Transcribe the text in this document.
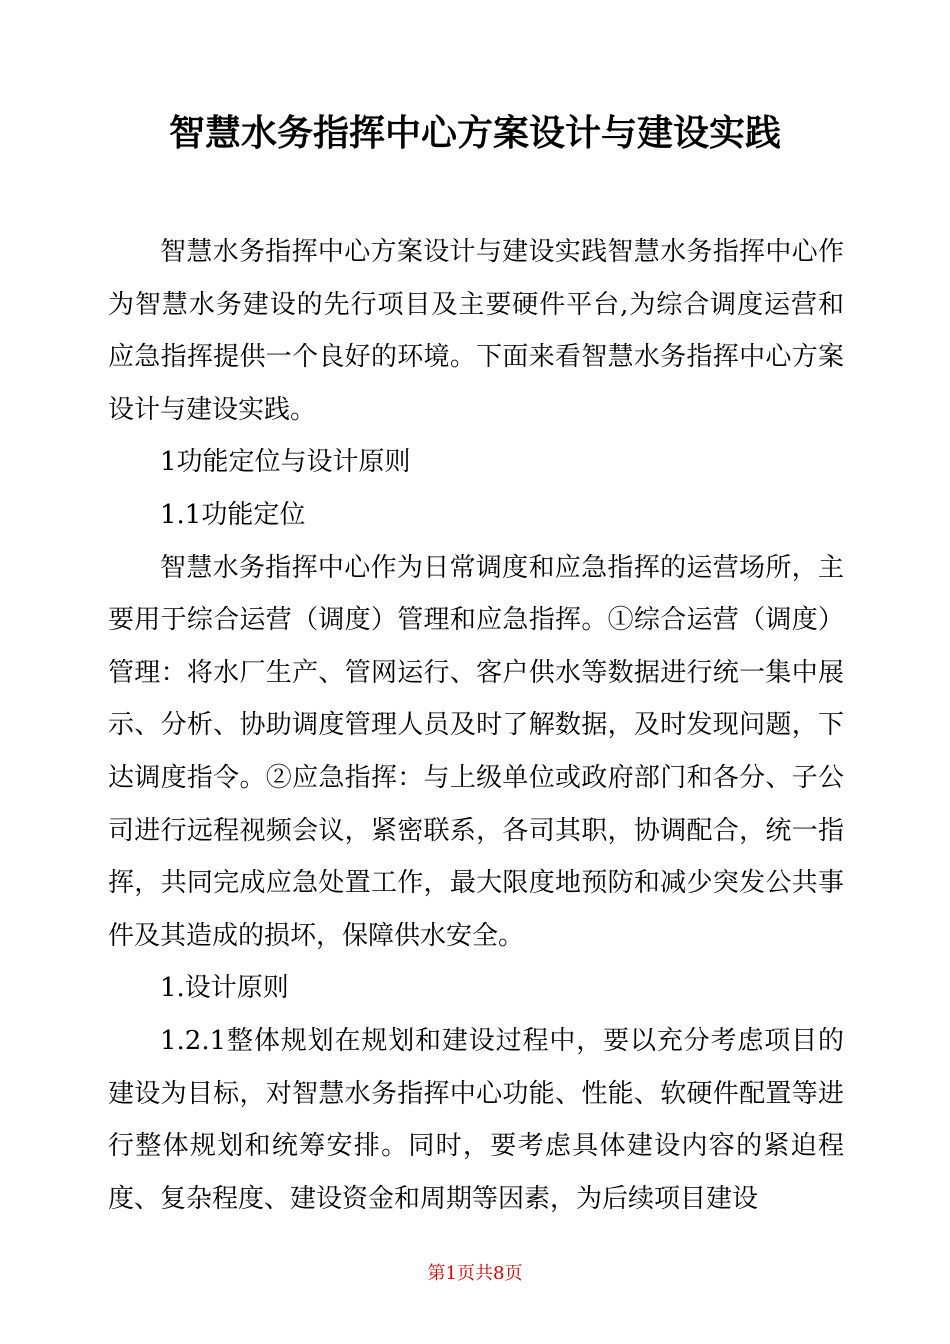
智慧水务指挥中心方案设计与建设实践

智慧水务指挥中心方案设计与建设实践智慧水务指挥中心作为智慧水务建设的先行项目及主要硬件平台,为综合调度运营和应急指挥提供一个良好的环境。下面来看智慧水务指挥中心方案设计与建设实践。

1功能定位与设计原则

1.1功能定位

智慧水务指挥中心作为日常调度和应急指挥的运营场所，主要用于综合运营（调度）管理和应急指挥。①综合运营（调度）管理：将水厂生产、管网运行、客户供水等数据进行统一集中展示、分析、协助调度管理人员及时了解数据，及时发现问题，下达调度指令。②应急指挥：与上级单位或政府部门和各分、子公司进行远程视频会议，紧密联系，各司其职，协调配合，统一指挥，共同完成应急处置工作，最大限度地预防和减少突发公共事件及其造成的损坏，保障供水安全。

1.设计原则

1.2.1整体规划在规划和建设过程中，要以充分考虑项目的建设为目标，对智慧水务指挥中心功能、性能、软硬件配置等进行整体规划和统筹安排。同时，要考虑具体建设内容的紧迫程度、复杂程度、建设资金和周期等因素，为后续项目建设

第1页共8页
